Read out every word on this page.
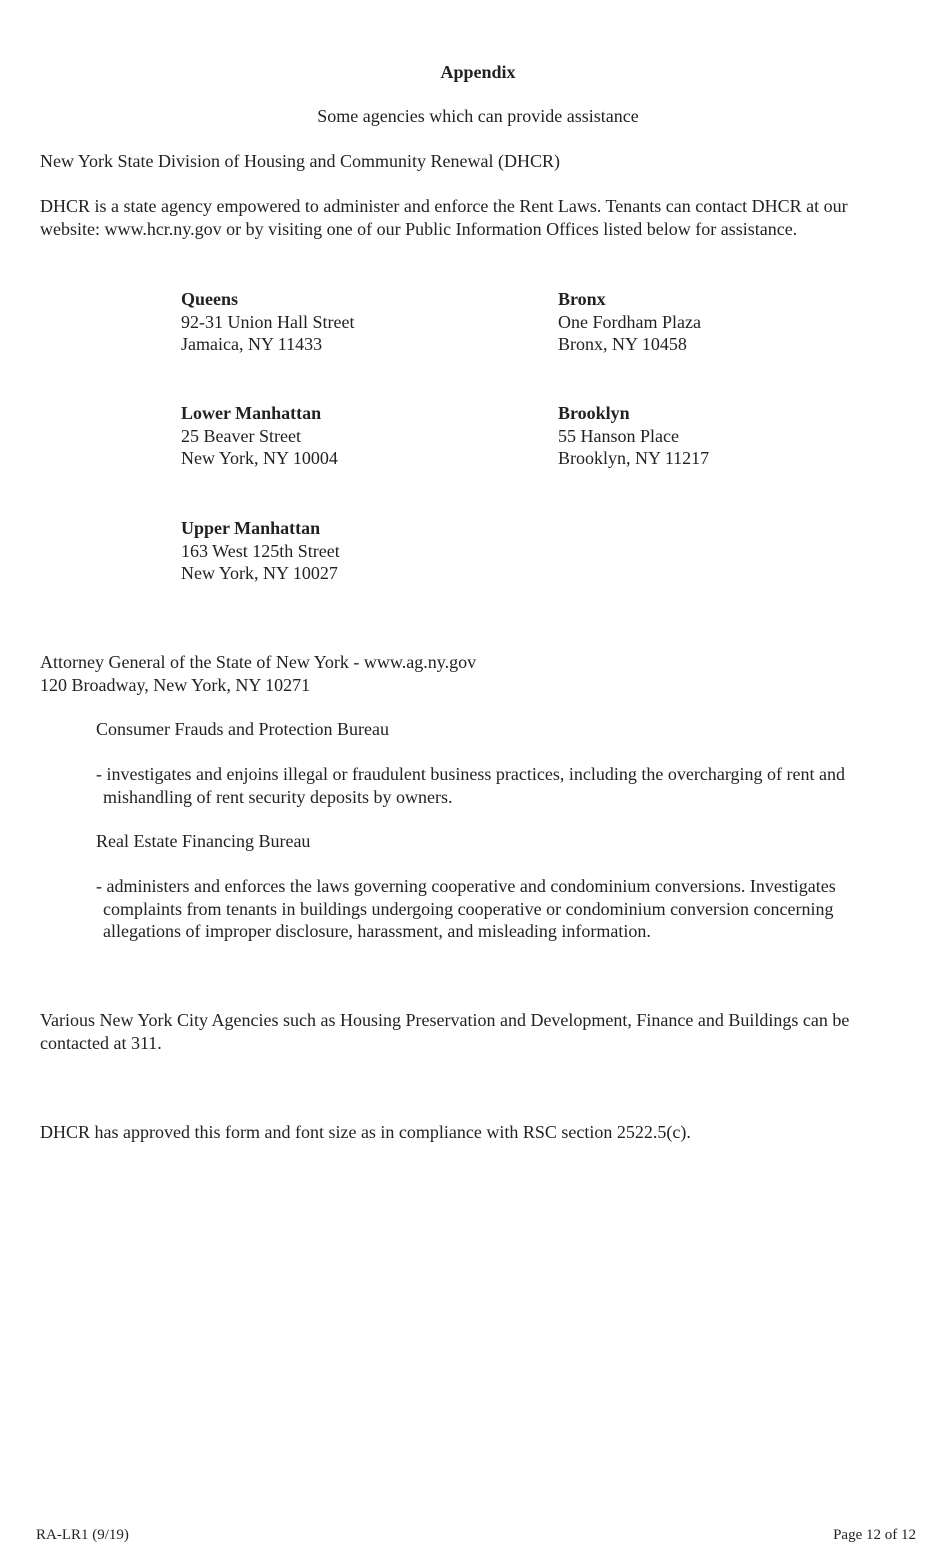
Appendix
Some agencies which can provide assistance
New York State Division of Housing and Community Renewal (DHCR)
DHCR is a state agency empowered to administer and enforce the Rent Laws. Tenants can contact DHCR at our website: www.hcr.ny.gov or by visiting one of our Public Information Offices listed below for assistance.
Queens
92-31 Union Hall Street
Jamaica, NY 11433
Bronx
One Fordham Plaza
Bronx, NY 10458
Lower Manhattan
25 Beaver Street
New York, NY 10004
Brooklyn
55 Hanson Place
Brooklyn, NY 11217
Upper Manhattan
163 West 125th Street
New York, NY 10027
Attorney General of the State of New York - www.ag.ny.gov
120 Broadway, New York, NY 10271
Consumer Frauds and Protection Bureau
- investigates and enjoins illegal or fraudulent business practices, including the overcharging of rent and mishandling of rent security deposits by owners.
Real Estate Financing Bureau
- administers and enforces the laws governing cooperative and condominium conversions. Investigates complaints from tenants in buildings undergoing cooperative or condominium conversion concerning allegations of improper disclosure, harassment, and misleading information.
Various New York City Agencies such as Housing Preservation and Development, Finance and Buildings can be contacted at 311.
DHCR has approved this form and font size as in compliance with RSC section 2522.5(c).
RA-LR1 (9/19)	Page 12 of 12
